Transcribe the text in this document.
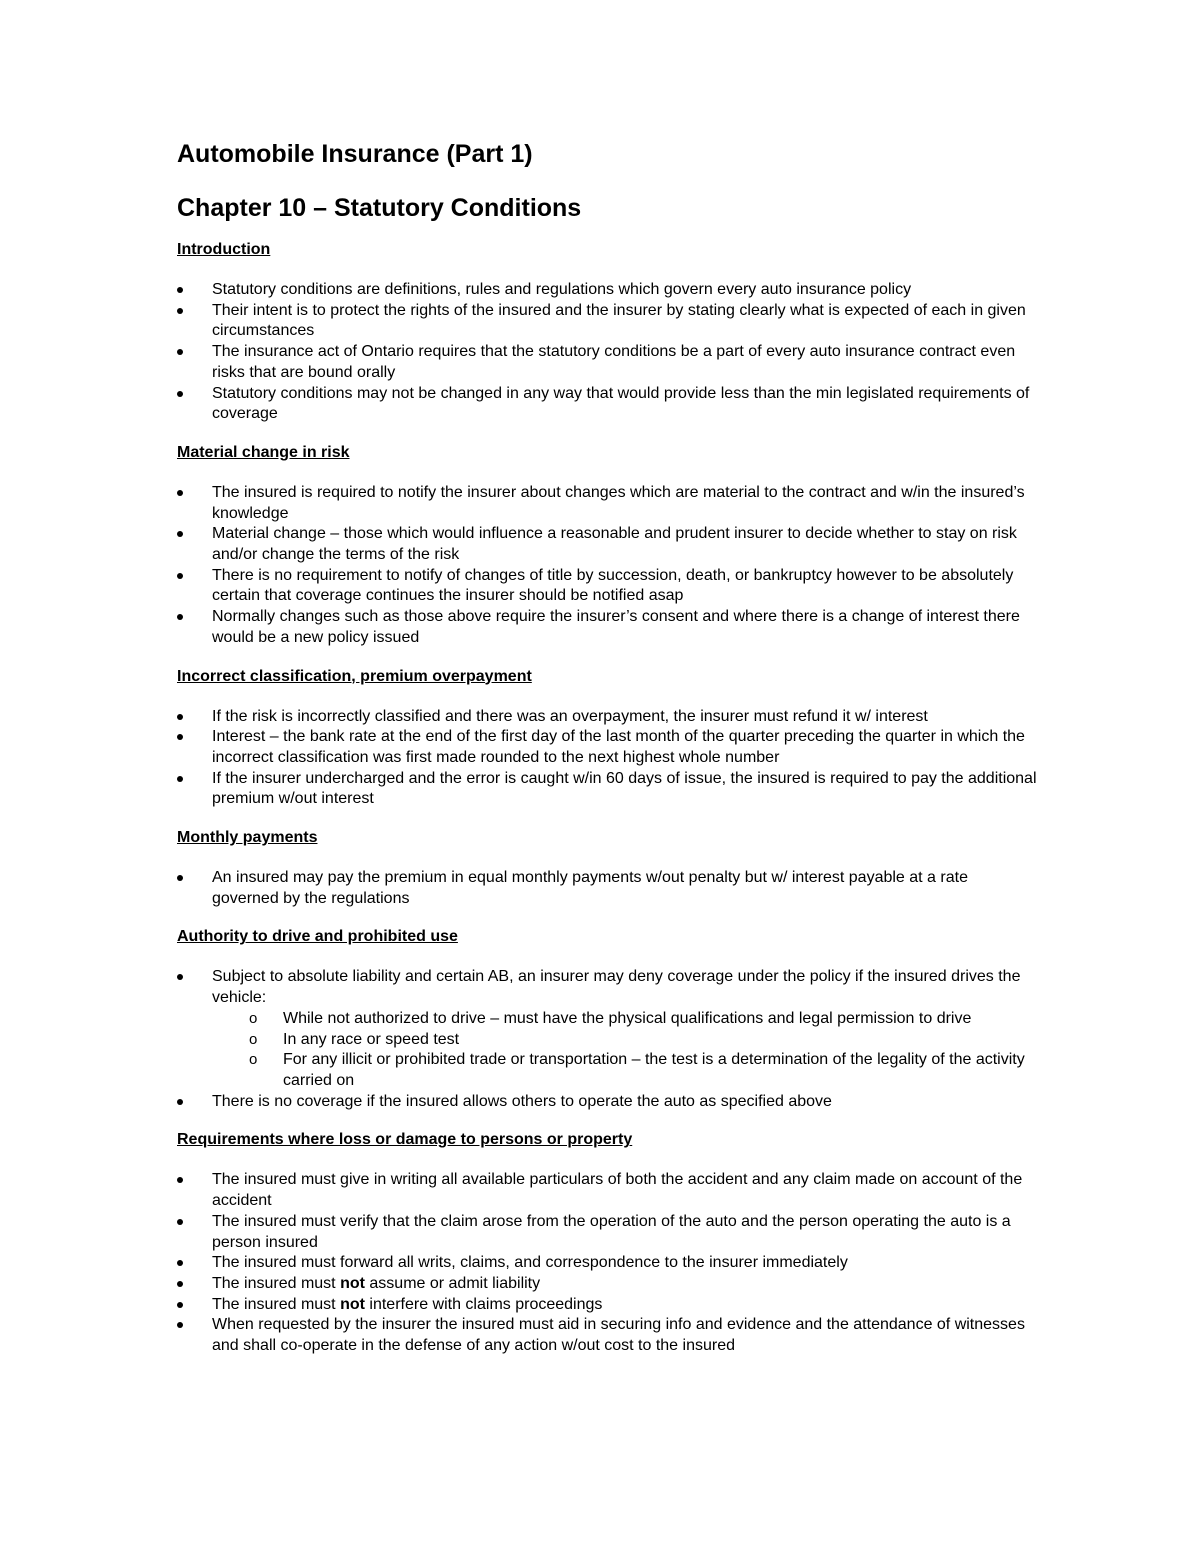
Automobile Insurance (Part 1)
Chapter 10 – Statutory Conditions
Introduction
Statutory conditions are definitions, rules and regulations which govern every auto insurance policy
Their intent is to protect the rights of the insured and the insurer by stating clearly what is expected of each in given circumstances
The insurance act of Ontario requires that the statutory conditions be a part of every auto insurance contract even risks that are bound orally
Statutory conditions may not be changed in any way that would provide less than the min legislated requirements of coverage
Material change in risk
The insured is required to notify the insurer about changes which are material to the contract and w/in the insured’s knowledge
Material change – those which would influence a reasonable and prudent insurer to decide whether to stay on risk and/or change the terms of the risk
There is no requirement to notify of changes of title by succession, death, or bankruptcy however to be absolutely certain that coverage continues the insurer should be notified asap
Normally changes such as those above require the insurer’s consent and where there is a change of interest there would be a new policy issued
Incorrect classification, premium overpayment
If the risk is incorrectly classified and there was an overpayment, the insurer must refund it w/ interest
Interest – the bank rate at the end of the first day of the last month of the quarter preceding the quarter in which the incorrect classification was first made rounded to the next highest whole number
If the insurer undercharged and the error is caught w/in 60 days of issue, the insured is required to pay the additional premium w/out interest
Monthly payments
An insured may pay the premium in equal monthly payments w/out penalty but w/ interest payable at a rate governed by the regulations
Authority to drive and prohibited use
Subject to absolute liability and certain AB, an insurer may deny coverage under the policy if the insured drives the vehicle:
o While not authorized to drive – must have the physical qualifications and legal permission to drive
o In any race or speed test
o For any illicit or prohibited trade or transportation – the test is a determination of the legality of the activity carried on
There is no coverage if the insured allows others to operate the auto as specified above
Requirements where loss or damage to persons or property
The insured must give in writing all available particulars of both the accident and any claim made on account of the accident
The insured must verify that the claim arose from the operation of the auto and the person operating the auto is a person insured
The insured must forward all writs, claims, and correspondence to the insurer immediately
The insured must not assume or admit liability
The insured must not interfere with claims proceedings
When requested by the insurer the insured must aid in securing info and evidence and the attendance of witnesses and shall co-operate in the defense of any action w/out cost to the insured
